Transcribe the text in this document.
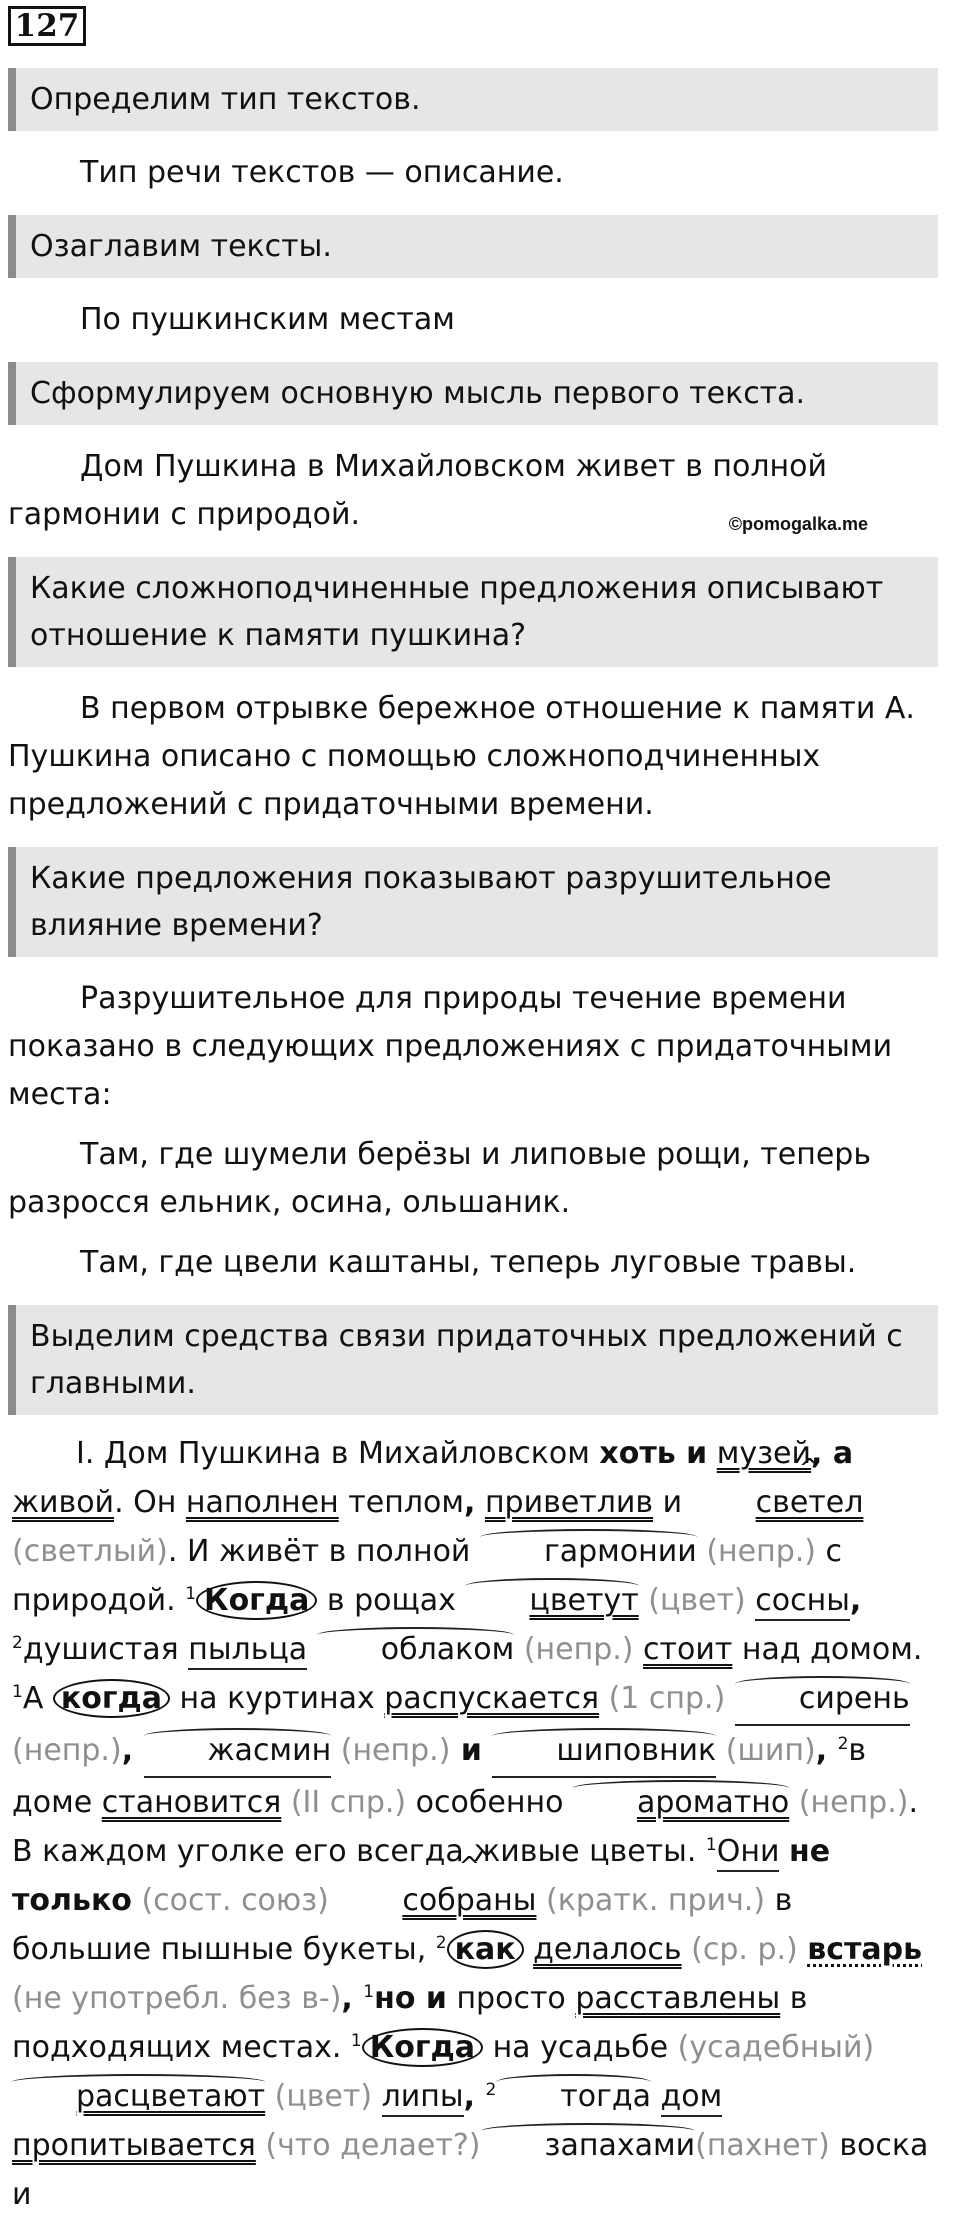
127
Определим тип текстов.
Тип речи текстов — описание.
Озаглавим тексты.
По пушкинским местам
Сформулируем основную мысль первого текста.
Дом Пушкина в Михайловском живет в полной гармонии с природой.	©pomogalka.me
Какие сложноподчиненные предложения описывают отношение к памяти пушкина?
В первом отрывке бережное отношение к памяти А. Пушкина описано с помощью сложноподчиненных предложений с придаточными времени.
Какие предложения показывают разрушительное влияние времени?
Разрушительное для природы течение времени показано в следующих предложениях с придаточными места:
Там, где шумели берёзы и липовые рощи, теперь разросся ельник, осина, ольшаник.
Там, где цвели каштаны, теперь луговые травы.
Выделим средства связи придаточных предложений с главными.
I. Дом Пушкина в Михайловском хоть и музей, а живой. Он наполнен теплом, приветлив и ^ светел (светлый). И живёт в полной гармонии (непр.) с природой. $^1$ Когда в рощах цветут (цвет) сосны, $^2$душистая пыльца облаком (непр.) стоит над домом. $^1$А когда на куртинах распускается (1 спр.) сирень (непр.), жасмин (непр.) и шиповник (шип), $^2$в доме становится (II спр.) особенно ароматно (непр.). В каждом уголке его всегда живые цветы. $^1$Они не только (сост. союз) ^ собраны (кратк. прич.) в большие пышные букеты, $^2$ как делалось (ср. р.) встарь (не употребл. без в-), $^1$но и просто расставлены в подходящих местах. $^1$ Когда на усадьбе (усадебный) расцветают (цвет) липы, $^2$ тогда дом пропитывается (что делает?)запахами(пахнет) воска и
